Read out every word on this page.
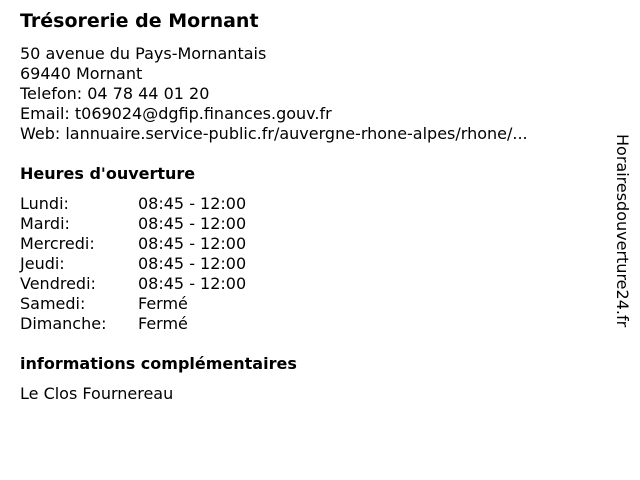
Trésorerie de Mornant
50 avenue du Pays-Mornantais
69440 Mornant
Telefon: 04 78 44 01 20
Email: t069024@dgfip.finances.gouv.fr
Web: lannuaire.service-public.fr/auvergne-rhone-alpes/rhone/...
Heures d'ouverture
Lundi:	08:45 - 12:00
Mardi:	08:45 - 12:00
Mercredi:	08:45 - 12:00
Jeudi:	08:45 - 12:00
Vendredi:	08:45 - 12:00
Samedi:	Fermé
Dimanche: Fermé
informations complémentaires
Le Clos Fournereau
Horairesdouverture24.fr
